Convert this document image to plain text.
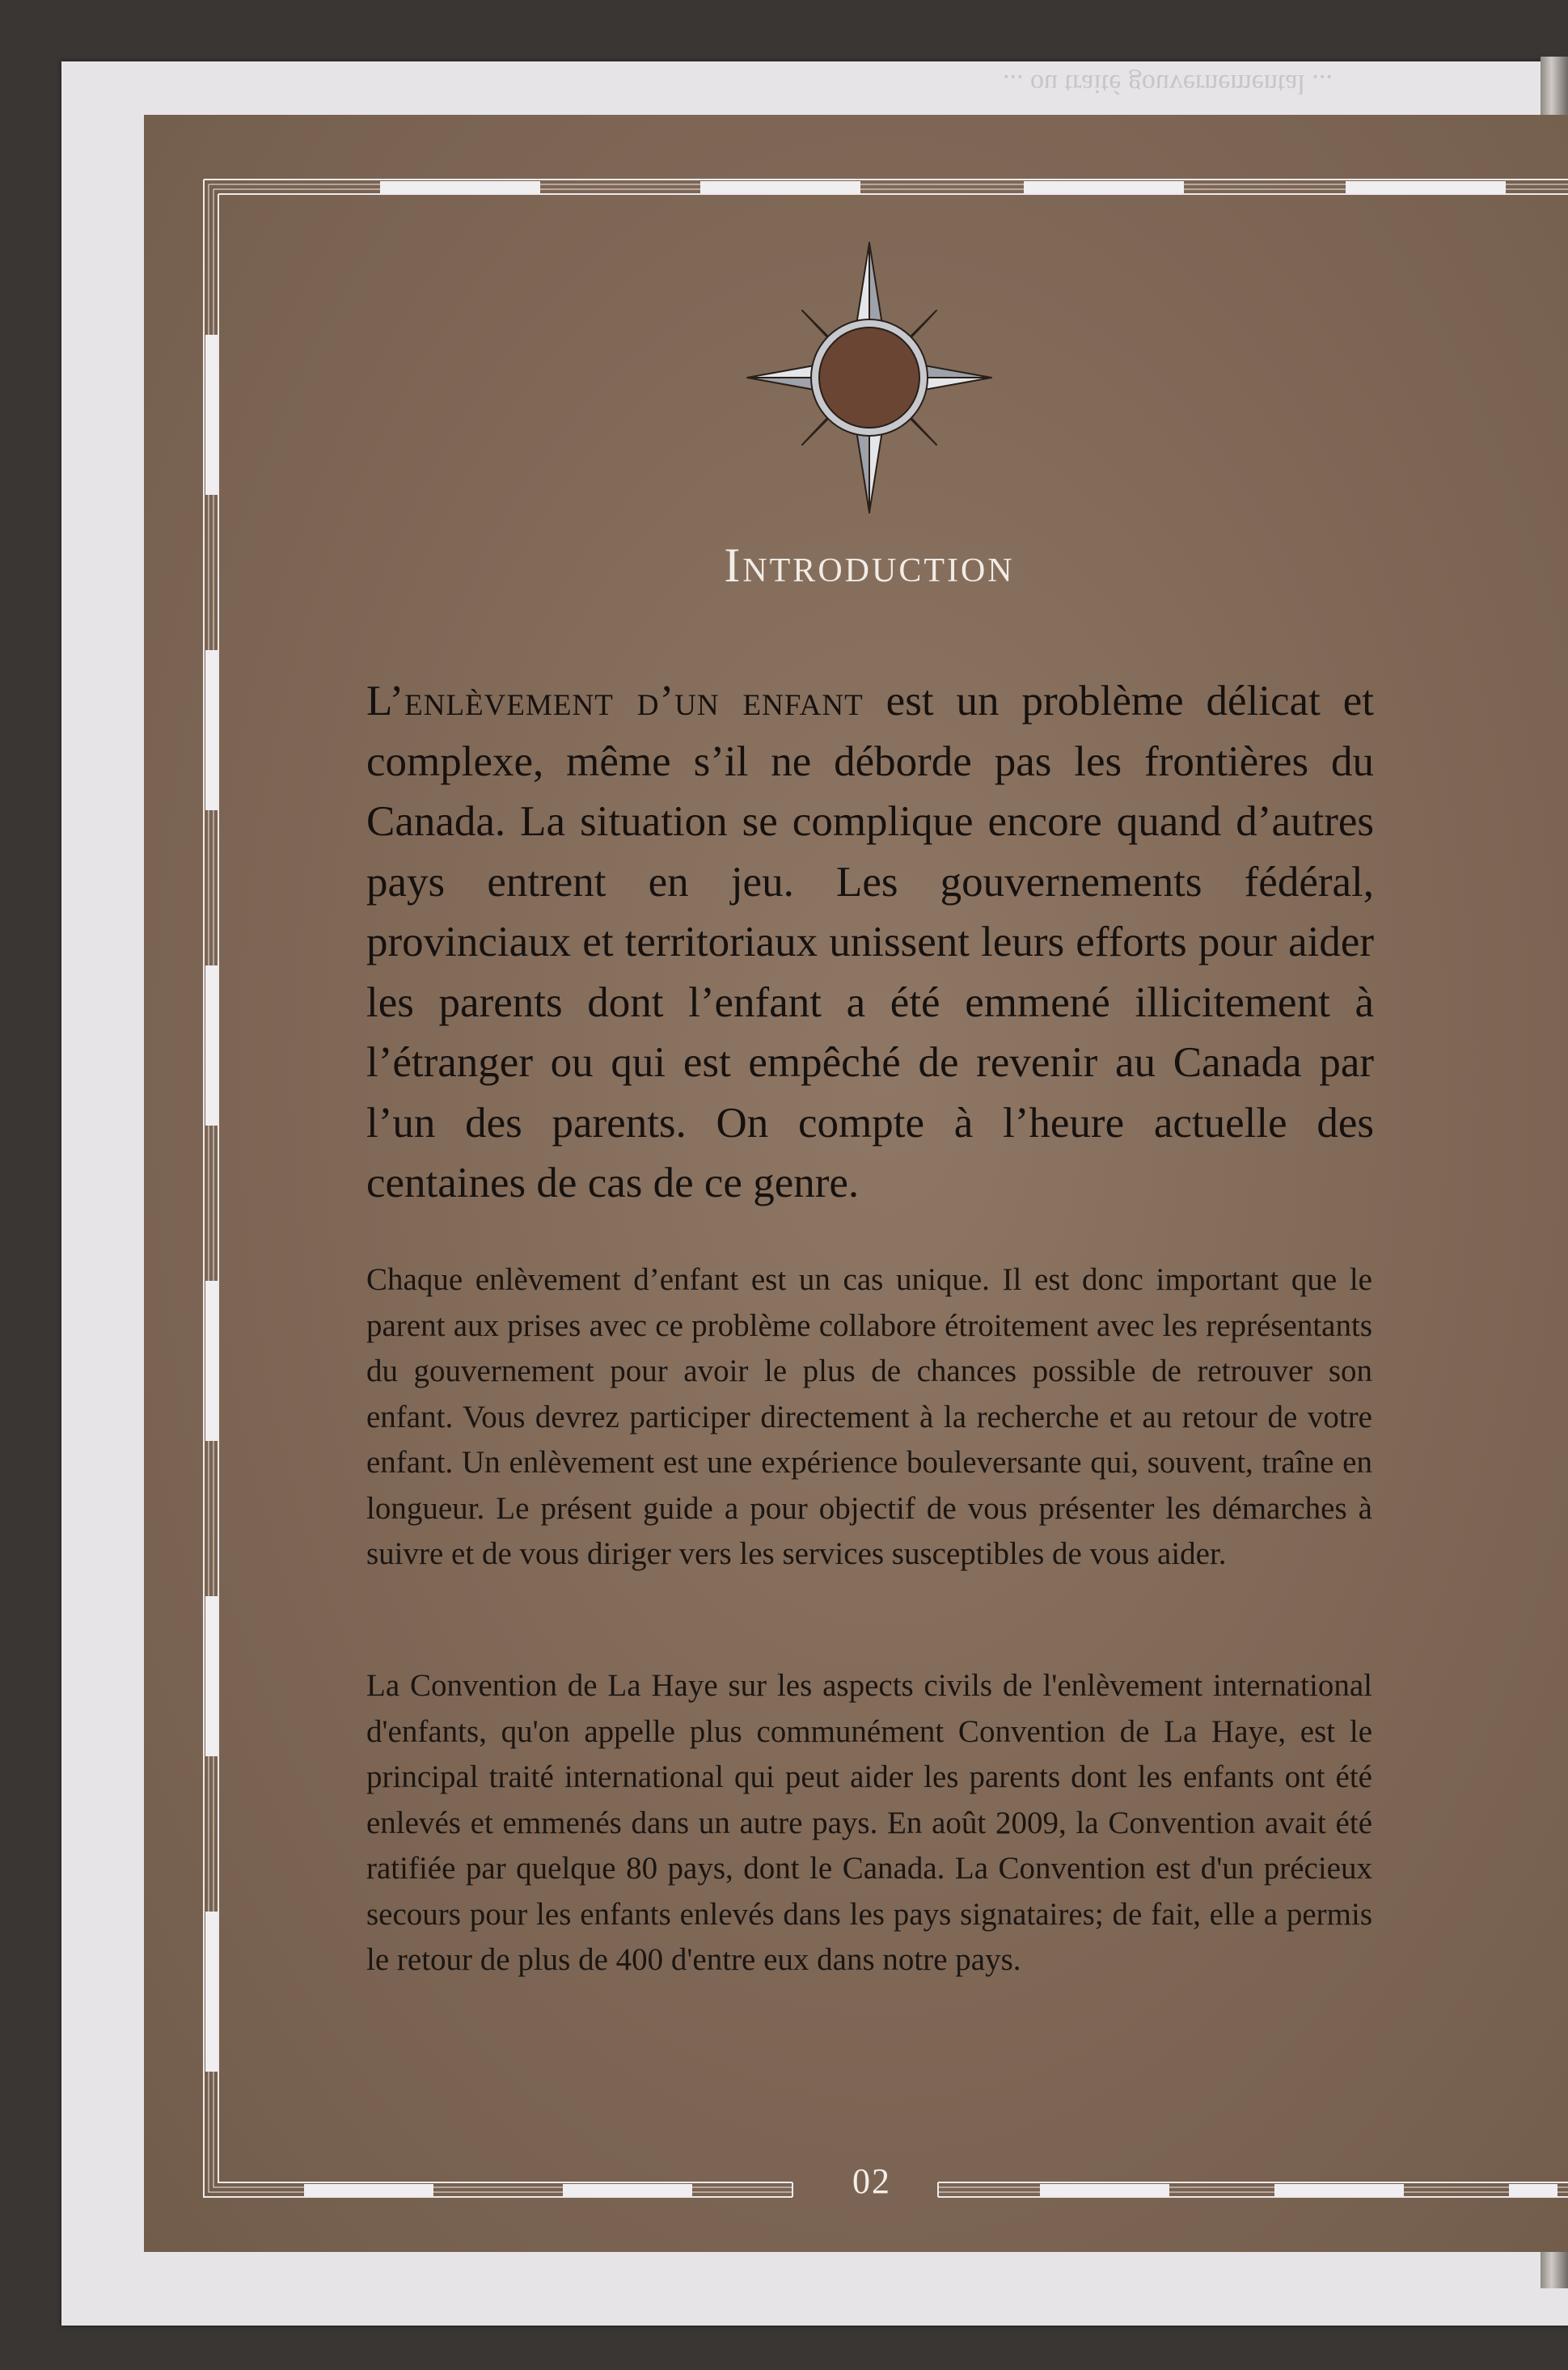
... ou traité gouvernemental ...
Introduction

L’enlèvement d’un enfant est un problème délicat et complexe, même s’il ne déborde pas les frontières du Canada. La situation se complique encore quand d’autres pays entrent en jeu. Les gouvernements fédéral, provinciaux et territoriaux unissent leurs efforts pour aider les parents dont l’enfant a été emmené illicitement à l’étranger ou qui est empêché de revenir au Canada par l’un des parents. On compte à l’heure actuelle des centaines de cas de ce genre.

Chaque enlèvement d’enfant est un cas unique. Il est donc important que le parent aux prises avec ce problème collabore étroitement avec les représentants du gouvernement pour avoir le plus de chances possible de retrouver son enfant. Vous devrez participer directement à la recherche et au retour de votre enfant. Un enlèvement est une expérience bouleversante qui, souvent, traîne en longueur. Le présent guide a pour objectif de vous présenter les démarches à suivre et de vous diriger vers les services susceptibles de vous aider.

La Convention de La Haye sur les aspects civils de l'enlèvement international d'enfants, qu'on appelle plus communément Convention de La Haye, est le principal traité international qui peut aider les parents dont les enfants ont été enlevés et emmenés dans un autre pays. En août 2009, la Convention avait été ratifiée par quelque 80 pays, dont le Canada. La Convention est d'un précieux secours pour les enfants enlevés dans les pays signataires; de fait, elle a permis le retour de plus de 400 d'entre eux dans notre pays.

02
